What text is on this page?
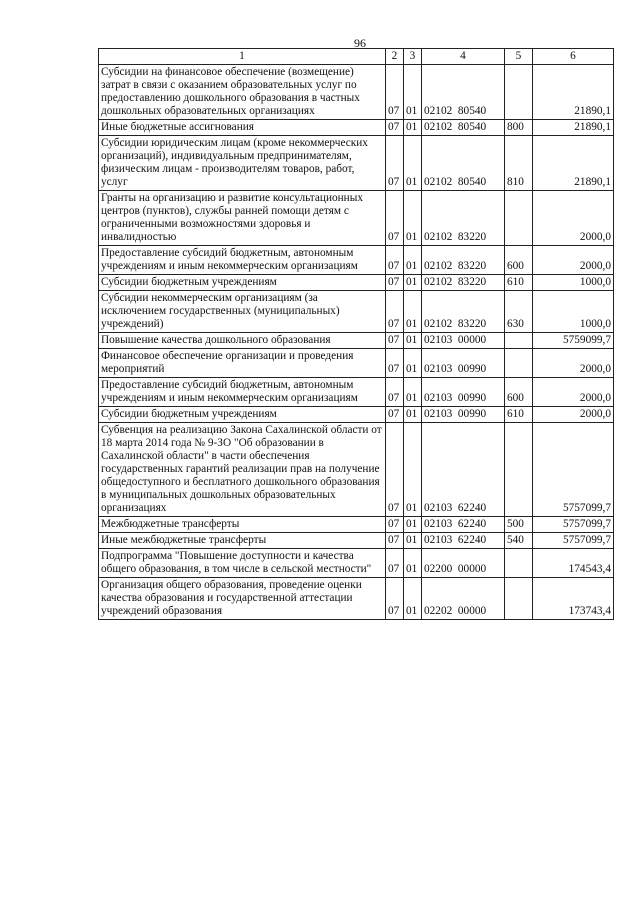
96
1	2	3	4	5	6
Субсидии на финансовое обеспечение (возмещение) затрат в связи с оказанием образовательных услуг по предоставлению дошкольного образования в частных дошкольных образовательных организациях	07	01	02102  80540		21890,1
Иные бюджетные ассигнования	07	01	02102  80540	800	21890,1
Субсидии юридическим лицам (кроме некоммерческих организаций), индивидуальным предпринимателям, физическим лицам - производителям товаров, работ, услуг	07	01	02102  80540	810	21890,1
Гранты на организацию и развитие консультационных центров (пунктов), службы ранней помощи детям с ограниченными возможностями здоровья и инвалидностью	07	01	02102  83220		2000,0
Предоставление субсидий бюджетным, автономным учреждениям и иным некоммерческим организациям	07	01	02102  83220	600	2000,0
Субсидии бюджетным учреждениям	07	01	02102  83220	610	1000,0
Субсидии некоммерческим организациям (за исключением государственных (муниципальных) учреждений)	07	01	02102  83220	630	1000,0
Повышение качества дошкольного образования	07	01	02103  00000		5759099,7
Финансовое обеспечение организации и проведения мероприятий	07	01	02103  00990		2000,0
Предоставление субсидий бюджетным, автономным учреждениям и иным некоммерческим организациям	07	01	02103  00990	600	2000,0
Субсидии бюджетным учреждениям	07	01	02103  00990	610	2000,0
Субвенция на реализацию Закона Сахалинской области от 18 марта 2014 года № 9-ЗО "Об образовании в Сахалинской области" в части обеспечения государственных гарантий реализации прав на получение общедоступного и бесплатного дошкольного образования в муниципальных дошкольных образовательных организациях	07	01	02103  62240		5757099,7
Межбюджетные трансферты	07	01	02103  62240	500	5757099,7
Иные межбюджетные трансферты	07	01	02103  62240	540	5757099,7
Подпрограмма "Повышение доступности и качества общего образования, в том числе в сельской местности"	07	01	02200  00000		174543,4
Организация общего образования, проведение оценки качества образования и государственной аттестации учреждений образования	07	01	02202  00000		173743,4
